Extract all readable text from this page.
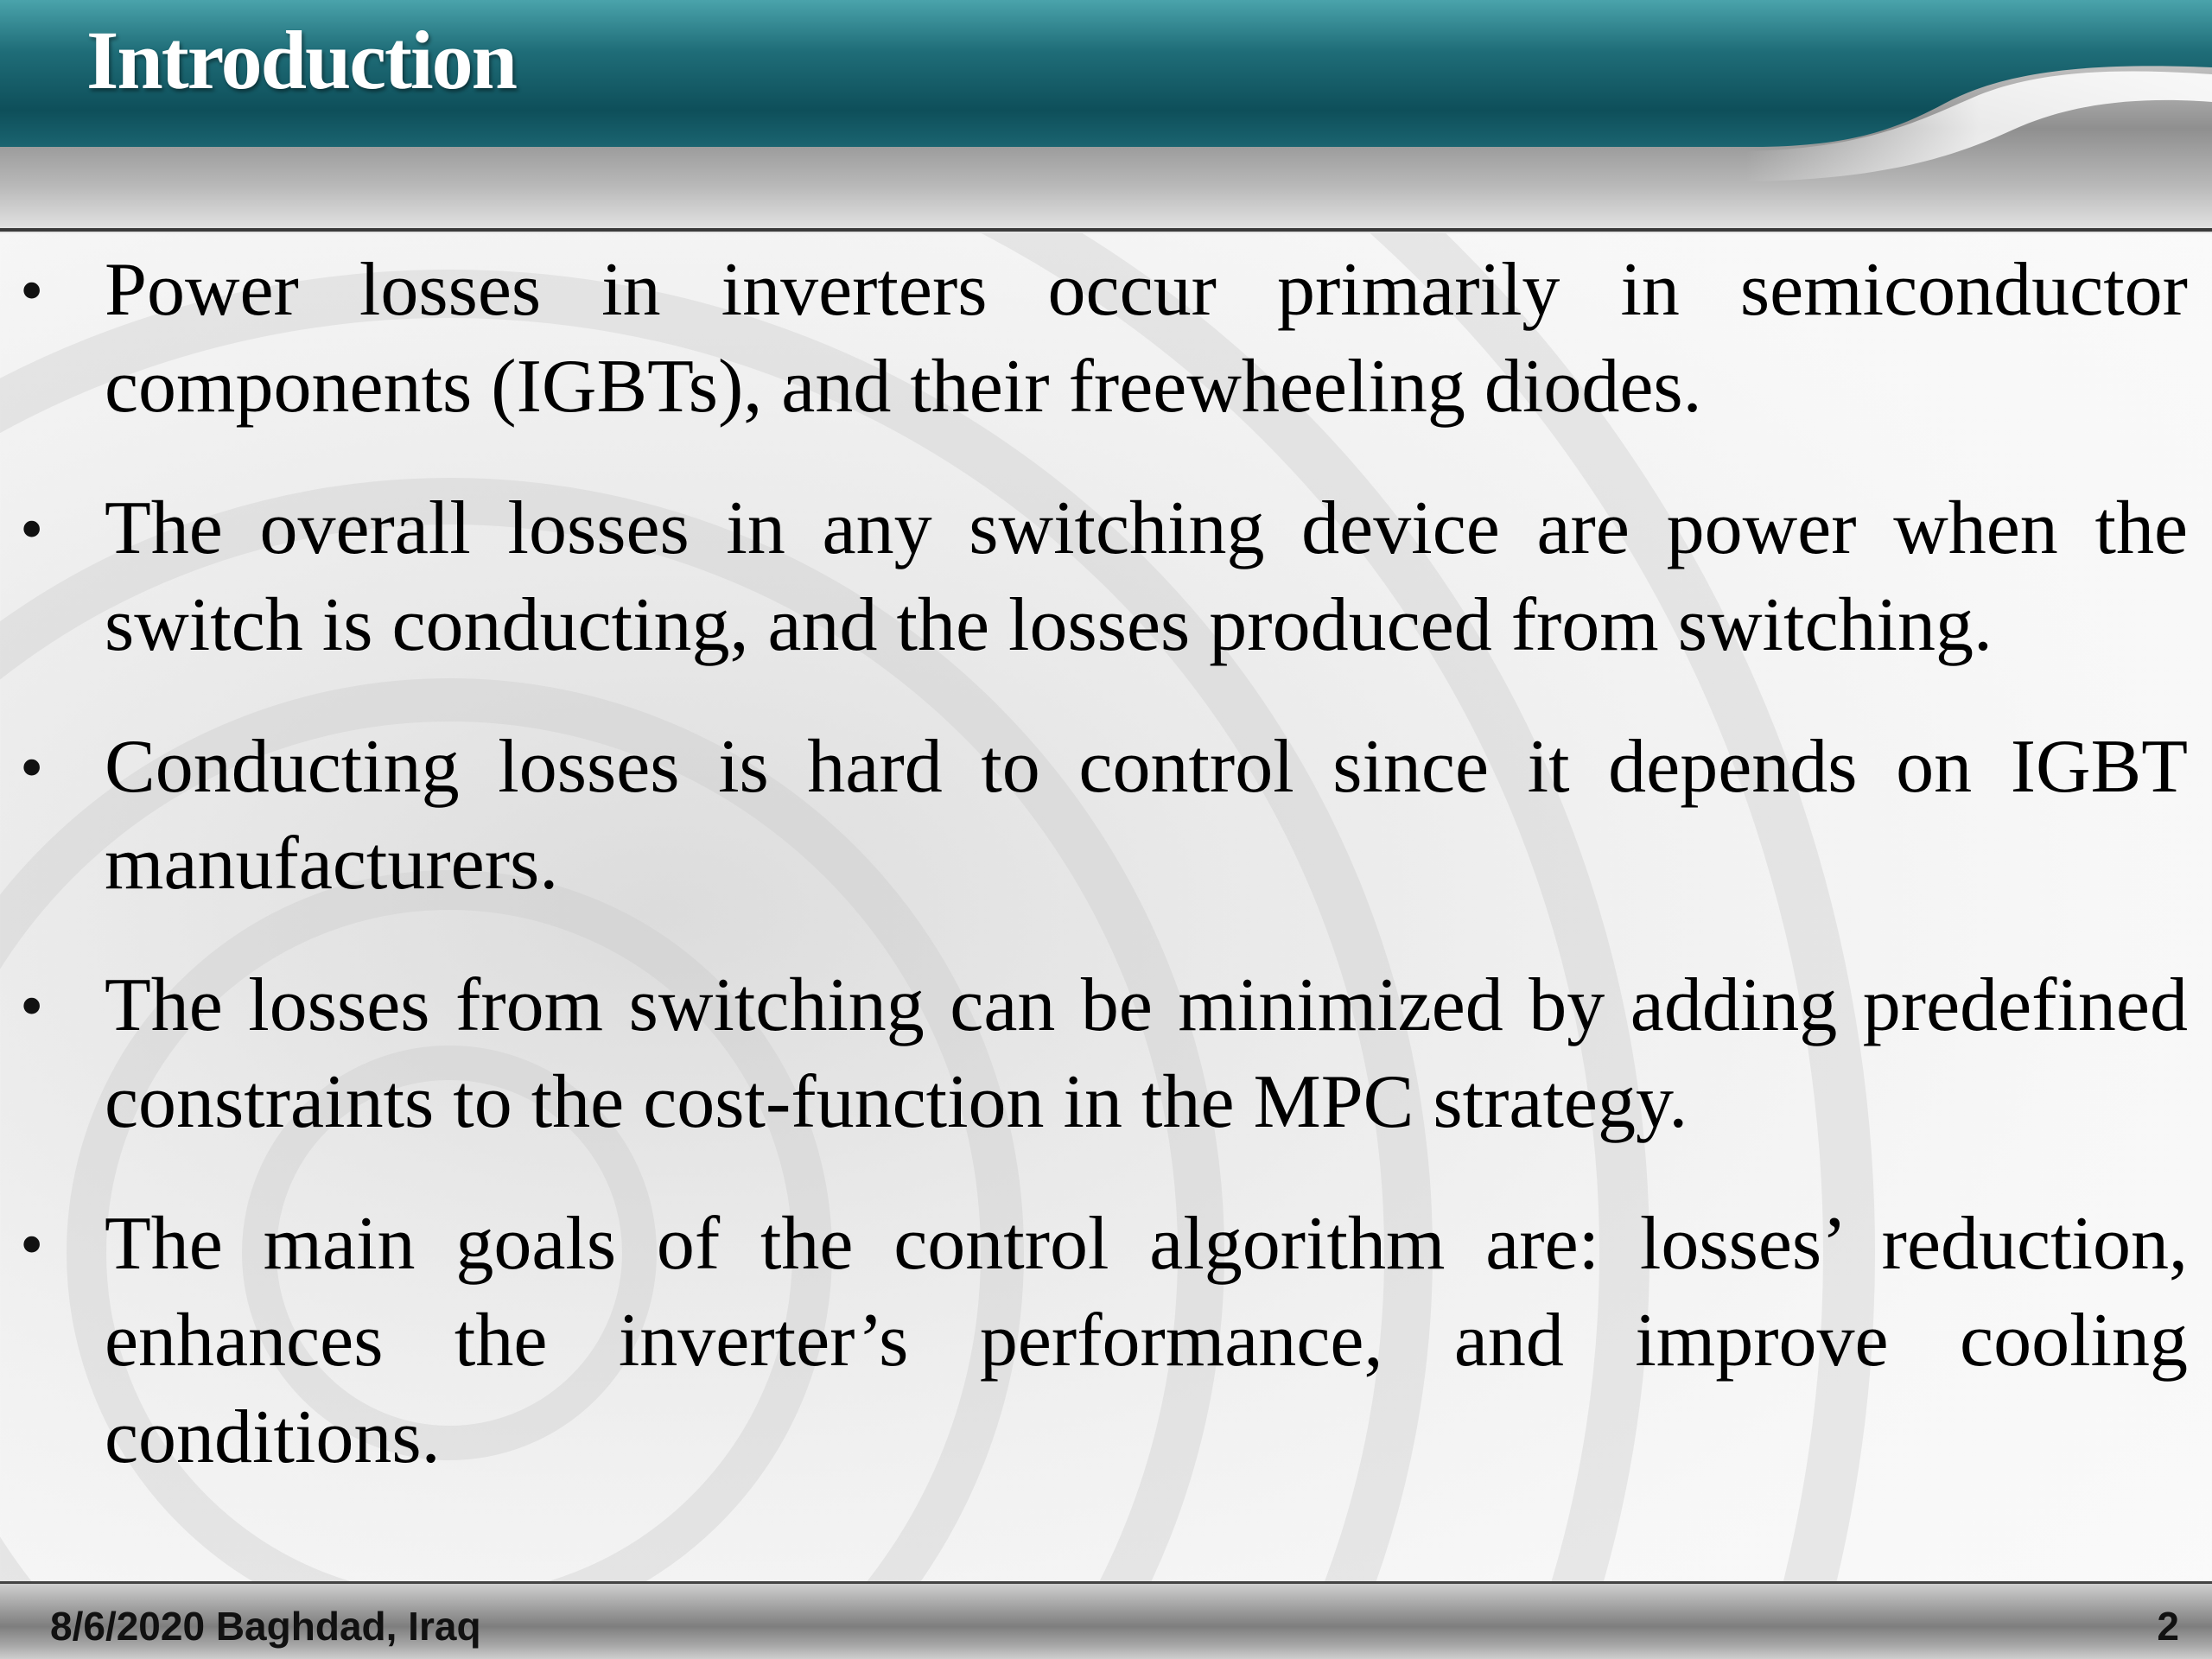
Introduction
• Power losses in inverters occur primarily in semiconductor components (IGBTs), and their freewheeling diodes.
• The overall losses in any switching device are power when the switch is conducting, and the losses produced from switching.
• Conducting losses is hard to control since it depends on IGBT manufacturers.
• The losses from switching can be minimized by adding predefined constraints to the cost-function in the MPC strategy.
• The main goals of the control algorithm are: losses’ reduction, enhances the inverter’s performance, and improve cooling conditions.
8/6/2020 Baghdad, Iraq	2
